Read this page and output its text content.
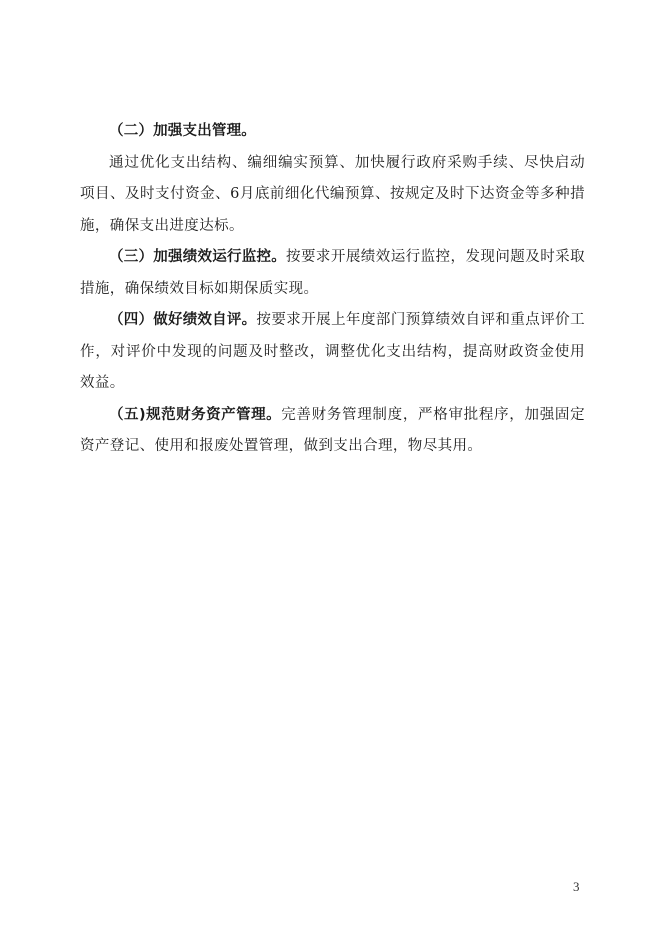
（二）加强支出管理。

通过优化支出结构、编细编实预算、加快履行政府采购手续、尽快启动项目、及时支付资金、6月底前细化代编预算、按规定及时下达资金等多种措施，确保支出进度达标。

（三）加强绩效运行监控。按要求开展绩效运行监控，发现问题及时采取措施，确保绩效目标如期保质实现。

（四）做好绩效自评。按要求开展上年度部门预算绩效自评和重点评价工作，对评价中发现的问题及时整改，调整优化支出结构，提高财政资金使用效益。

（五)规范财务资产管理。完善财务管理制度，严格审批程序，加强固定资产登记、使用和报废处置管理，做到支出合理，物尽其用。

3
